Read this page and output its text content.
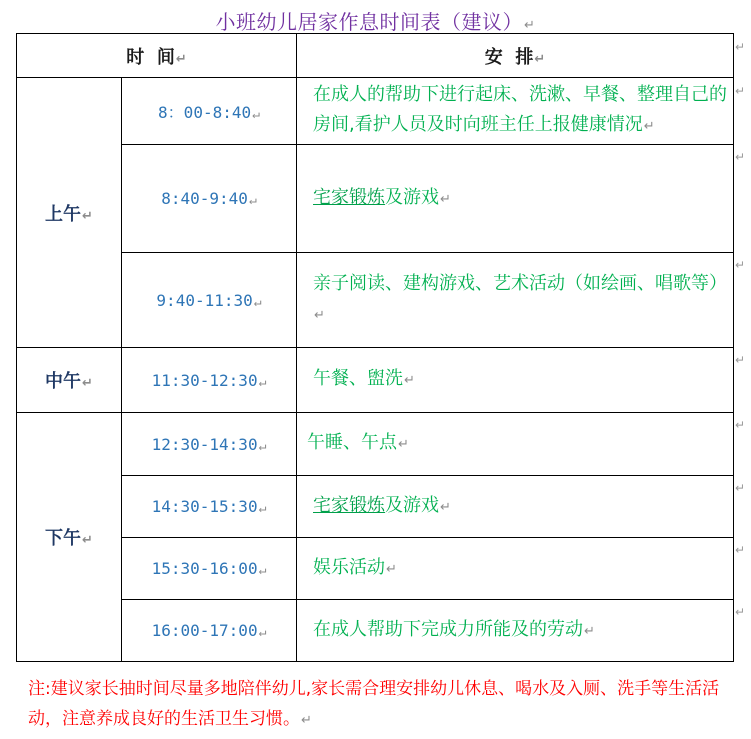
小班幼儿居家作息时间表（建议）↵
时  间↵		安  排↵
上午↵	8：00-8:40↵	在成人的帮助下进行起床、洗漱、早餐、整理自己的房间,看护人员及时向班主任上报健康情况↵
	8:40-9:40↵	宅家锻炼及游戏↵
	9:40-11:30↵	亲子阅读、建构游戏、艺术活动（如绘画、唱歌等）↵
中午↵	11:30-12:30↵	午餐、盥洗↵
下午↵	12:30-14:30↵	午睡、午点↵
	14:30-15:30↵	宅家锻炼及游戏↵
	15:30-16:00↵	娱乐活动↵
	16:00-17:00↵	在成人帮助下完成力所能及的劳动↵
注:建议家长抽时间尽量多地陪伴幼儿,家长需合理安排幼儿休息、喝水及入厕、洗手等生活活动，注意养成良好的生活卫生习惯。↵
↵
↵
↵
↵
↵
↵
↵
↵
↵
